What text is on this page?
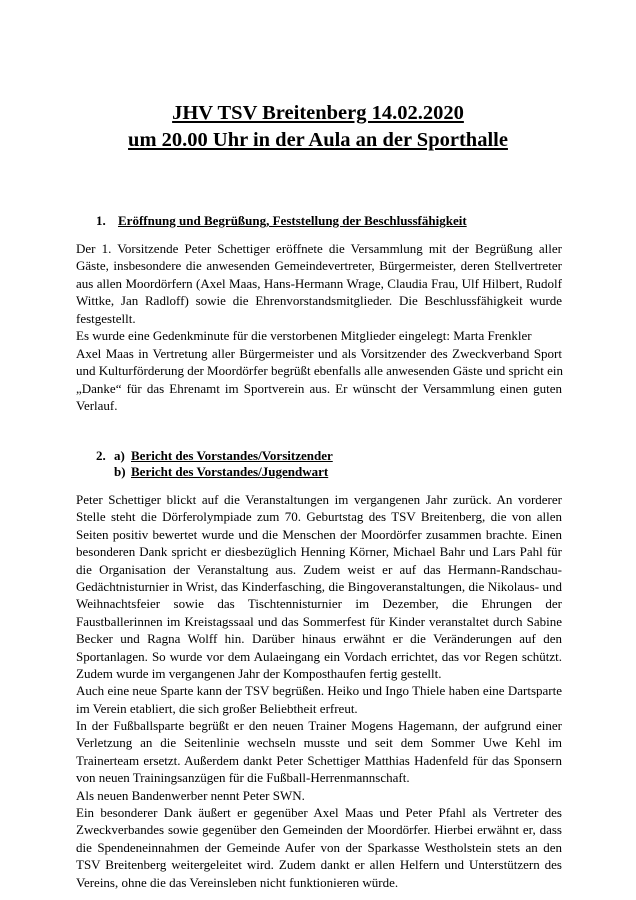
JHV TSV Breitenberg 14.02.2020
um 20.00 Uhr in der Aula an der Sporthalle
1. Eröffnung und Begrüßung, Feststellung der Beschlussfähigkeit
Der 1. Vorsitzende Peter Schettiger eröffnete die Versammlung mit der Begrüßung aller
Gäste, insbesondere die anwesenden Gemeindevertreter, Bürgermeister, deren Stellvertreter
aus allen Moordörfern (Axel Maas, Hans-Hermann Wrage, Claudia Frau, Ulf Hilbert, Rudolf
Wittke, Jan Radloff) sowie die Ehrenvorstandsmitglieder. Die Beschlussfähigkeit wurde
festgestellt.
Es wurde eine Gedenkminute für die verstorbenen Mitglieder eingelegt: Marta Frenkler
Axel Maas in Vertretung aller Bürgermeister und als Vorsitzender des Zweckverband Sport
und Kulturförderung der Moordörfer begrüßt ebenfalls alle anwesenden Gäste und spricht ein
„Danke“ für das Ehrenamt im Sportverein aus. Er wünscht der Versammlung einen guten
Verlauf.
2. a) Bericht des Vorstandes/Vorsitzender
b) Bericht des Vorstandes/Jugendwart
Peter Schettiger blickt auf die Veranstaltungen im vergangenen Jahr zurück. An vorderer
Stelle steht die Dörferolympiade zum 70. Geburtstag des TSV Breitenberg, die von allen
Seiten positiv bewertet wurde und die Menschen der Moordörfer zusammen brachte. Einen
besonderen Dank spricht er diesbezüglich Henning Körner, Michael Bahr und Lars Pahl für
die Organisation der Veranstaltung aus. Zudem weist er auf das Hermann-Randschau-
Gedächtnisturnier in Wrist, das Kinderfasching, die Bingoveranstaltungen, die Nikolaus- und
Weihnachtsfeier sowie das Tischtennisturnier im Dezember, die Ehrungen der
Faustballerinnen im Kreistagssaal und das Sommerfest für Kinder veranstaltet durch Sabine
Becker und Ragna Wolff hin. Darüber hinaus erwähnt er die Veränderungen auf den
Sportanlagen. So wurde vor dem Aulaeingang ein Vordach errichtet, das vor Regen schützt.
Zudem wurde im vergangenen Jahr der Komposthaufen fertig gestellt.
Auch eine neue Sparte kann der TSV begrüßen. Heiko und Ingo Thiele haben eine Dartsparte
im Verein etabliert, die sich großer Beliebtheit erfreut.
In der Fußballsparte begrüßt er den neuen Trainer Mogens Hagemann, der aufgrund einer
Verletzung an die Seitenlinie wechseln musste und seit dem Sommer Uwe Kehl im
Trainerteam ersetzt. Außerdem dankt Peter Schettiger Matthias Hadenfeld für das Sponsern
von neuen Trainingsanzügen für die Fußball-Herrenmannschaft.
Als neuen Bandenwerber nennt Peter SWN.
Ein besonderer Dank äußert er gegenüber Axel Maas und Peter Pfahl als Vertreter des
Zweckverbandes sowie gegenüber den Gemeinden der Moordörfer. Hierbei erwähnt er, dass
die Spendeneinnahmen der Gemeinde Aufer von der Sparkasse Westholstein stets an den
TSV Breitenberg weitergeleitet wird. Zudem dankt er allen Helfern und Unterstützern des
Vereins, ohne die das Vereinsleben nicht funktionieren würde.
